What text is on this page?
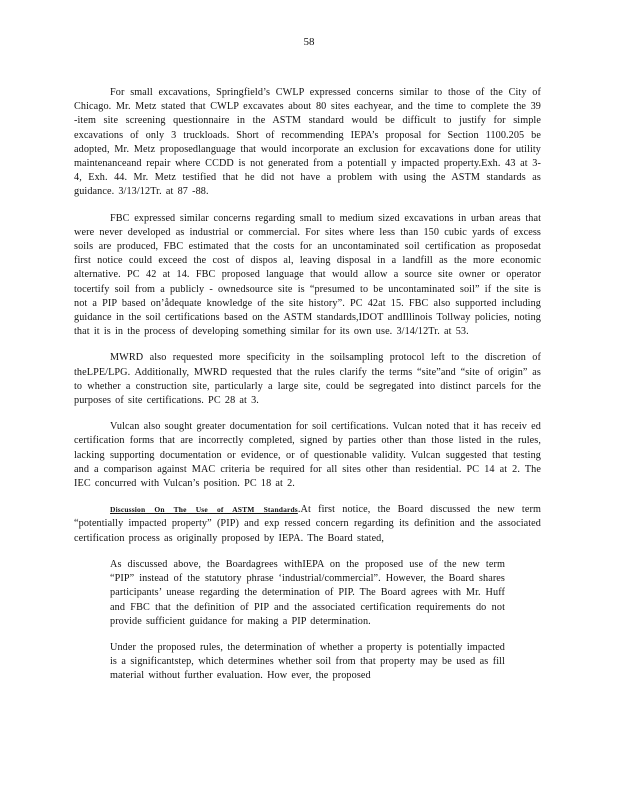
58

For small excavations, Springfield’s CWLP expressed concerns similar to those of the City of Chicago. Mr. Metz stated that CWLP excavates about 80 sites eachyear, and the time to complete the 39 -item site screening questionnaire in the ASTM standard would be difficult to justify for simple excavations of only 3 truckloads. Short of recommending IEPA’s proposal for Section 1100.205 be adopted, Mr. Metz proposedlanguage that would incorporate an exclusion for excavations done for utility maintenanceand repair where CCDD is not generated from a potentiall y impacted property.Exh. 43 at 3- 4, Exh. 44. Mr. Metz testified that he did not have a problem with using the ASTM standards as guidance. 3/13/12Tr. at 87 -88.

FBC expressed similar concerns regarding small to medium sized excavations in urban areas that were never developed as industrial or commercial. For sites where less than 150 cubic yards of excess soils are produced, FBC estimated that the costs for an uncontaminated soil certification as proposedat first notice could exceed the cost of dispos al, leaving disposal in a landfill as the more economic alternative. PC 42 at 14. FBC proposed language that would allow a source site owner or operator tocertify soil from a publicly - ownedsource site is “presumed to be uncontaminated soil” if the site is not a PIP based on’ådequate knowledge of the site history”. PC 42at 15. FBC also supported including guidance in the soil certifications based on the ASTM standards,IDOT andIllinois Tollway policies, noting that it is in the process of developing something similar for its own use. 3/14/12Tr. at 53.

MWRD also requested more specificity in the soilsampling protocol left to the discretion of theLPE/LPG. Additionally, MWRD requested that the rules clarify the terms “site”and “site of origin” as to whether a construction site, particularly a large site, could be segregated into distinct parcels for the purposes of site certifications. PC 28 at 3.

Vulcan also sought greater documentation for soil certifications. Vulcan noted that it has receiv ed certification forms that are incorrectly completed, signed by parties other than those listed in the rules, lacking supporting documentation or evidence, or of questionable validity. Vulcan suggested that testing and a comparison against MAC criteria be required for all sites other than residential. PC 14 at 2. The IEC concurred with Vulcan’s position. PC 18 at 2.

Discussion On The Use of ASTM Standards.At first notice, the Board discussed the new term “potentially impacted property” (PIP) and exp ressed concern regarding its definition and the associated certification process as originally proposed by IEPA. The Board stated,

As discussed above, the Boardagrees withIEPA on the proposed use of the new term “PIP” instead of the statutory phrase ‘industrial/commercial”. However, the Board shares participants’ unease regarding the determination of PIP. The Board agrees with Mr. Huff and FBC that the definition of PIP and the associated certification requirements do not provide sufficient guidance for making a PIP determination.

Under the proposed rules, the determination of whether a property is potentially impacted is a significantstep, which determines whether soil from that property may be used as fill material without further evaluation. How ever, the proposed
